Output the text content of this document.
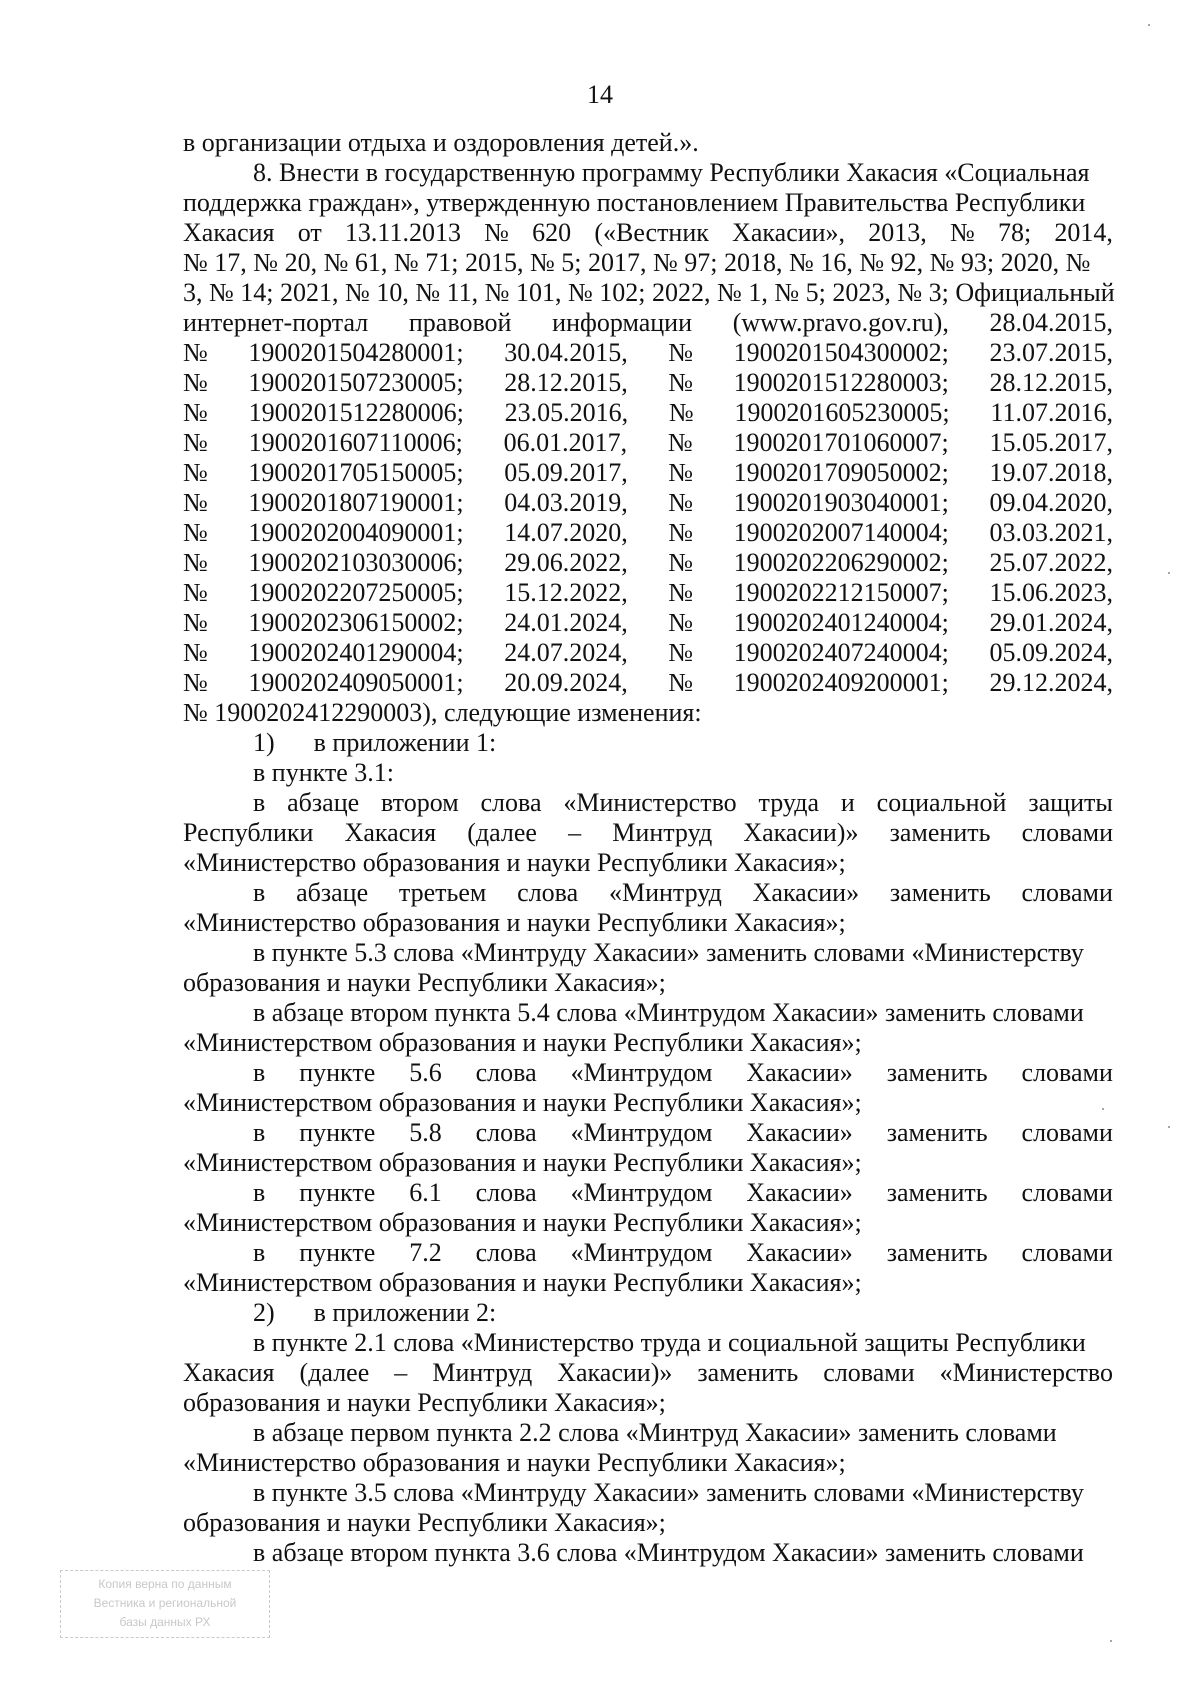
14
в организации отдыха и оздоровления детей.».
8. Внести в государственную программу Республики Хакасия «Социальная
поддержка граждан», утвержденную постановлением Правительства Республики
Хакасия от 13.11.2013 № 620 («Вестник Хакасии», 2013, № 78; 2014,
№ 17, № 20, № 61, № 71; 2015, № 5; 2017, № 97; 2018, № 16, № 92, № 93; 2020, №
3, № 14; 2021, № 10, № 11, № 101, № 102; 2022, № 1, № 5; 2023, № 3; Официальный
интернет-портал правовой информации (www.pravo.gov.ru), 28.04.2015,
№ 1900201504280001; 30.04.2015, № 1900201504300002; 23.07.2015,
№ 1900201507230005; 28.12.2015, № 1900201512280003; 28.12.2015,
№ 1900201512280006; 23.05.2016, № 1900201605230005; 11.07.2016,
№ 1900201607110006; 06.01.2017, № 1900201701060007; 15.05.2017,
№ 1900201705150005; 05.09.2017, № 1900201709050002; 19.07.2018,
№ 1900201807190001; 04.03.2019, № 1900201903040001; 09.04.2020,
№ 1900202004090001; 14.07.2020, № 1900202007140004; 03.03.2021,
№ 1900202103030006; 29.06.2022, № 1900202206290002; 25.07.2022,
№ 1900202207250005; 15.12.2022, № 1900202212150007; 15.06.2023,
№ 1900202306150002; 24.01.2024, № 1900202401240004; 29.01.2024,
№ 1900202401290004; 24.07.2024, № 1900202407240004; 05.09.2024,
№ 1900202409050001; 20.09.2024, № 1900202409200001; 29.12.2024,
№ 1900202412290003), следующие изменения:
1)      в приложении 1:
в пункте 3.1:
в абзаце втором слова «Министерство труда и социальной защиты
Республики Хакасия (далее – Минтруд Хакасии)» заменить словами
«Министерство образования и науки Республики Хакасия»;
в абзаце третьем слова «Минтруд Хакасии» заменить словами
«Министерство образования и науки Республики Хакасия»;
в пункте 5.3 слова «Минтруду Хакасии» заменить словами «Министерству
образования и науки Республики Хакасия»;
в абзаце втором пункта 5.4 слова «Минтрудом Хакасии» заменить словами
«Министерством образования и науки Республики Хакасия»;
в пункте 5.6 слова «Минтрудом Хакасии» заменить словами
«Министерством образования и науки Республики Хакасия»;
в пункте 5.8 слова «Минтрудом Хакасии» заменить словами
«Министерством образования и науки Республики Хакасия»;
в пункте 6.1 слова «Минтрудом Хакасии» заменить словами
«Министерством образования и науки Республики Хакасия»;
в пункте 7.2 слова «Минтрудом Хакасии» заменить словами
«Министерством образования и науки Республики Хакасия»;
2)      в приложении 2:
в пункте 2.1 слова «Министерство труда и социальной защиты Республики
Хакасия (далее – Минтруд Хакасии)» заменить словами «Министерство
образования и науки Республики Хакасия»;
в абзаце первом пункта 2.2 слова «Минтруд Хакасии» заменить словами
«Министерство образования и науки Республики Хакасия»;
в пункте 3.5 слова «Минтруду Хакасии» заменить словами «Министерству
образования и науки Республики Хакасия»;
в абзаце втором пункта 3.6 слова «Минтрудом Хакасии» заменить словами
Копия верна по данным
Вестника и региональной
базы данных РХ
